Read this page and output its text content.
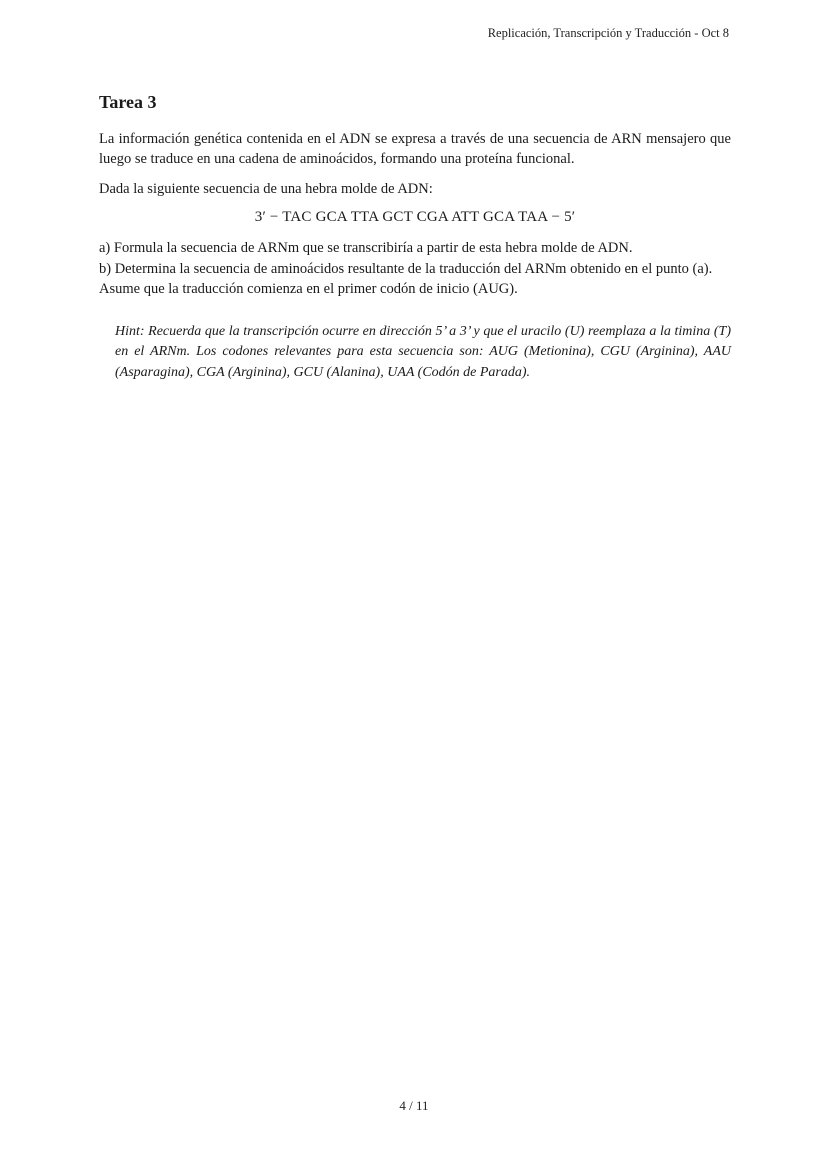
Replicación, Transcripción y Traducción - Oct 8
Tarea 3

La información genética contenida en el ADN se expresa a través de una secuencia de ARN mensajero que luego se traduce en una cadena de aminoácidos, formando una proteína funcional.

Dada la siguiente secuencia de una hebra molde de ADN:

3′ − TAC GCA TTA GCT CGA ATT GCA TAA − 5′

a) Formula la secuencia de ARNm que se transcribiría a partir de esta hebra molde de ADN.

b) Determina la secuencia de aminoácidos resultante de la traducción del ARNm obtenido en el punto (a). Asume que la traducción comienza en el primer codón de inicio (AUG).

Hint: Recuerda que la transcripción ocurre en dirección 5’ a 3’ y que el uracilo (U) reemplaza a la timina (T) en el ARNm. Los codones relevantes para esta secuencia son: AUG (Metionina), CGU (Arginina), AAU (Asparagina), CGA (Arginina), GCU (Alanina), UAA (Codón de Parada).

4 / 11
